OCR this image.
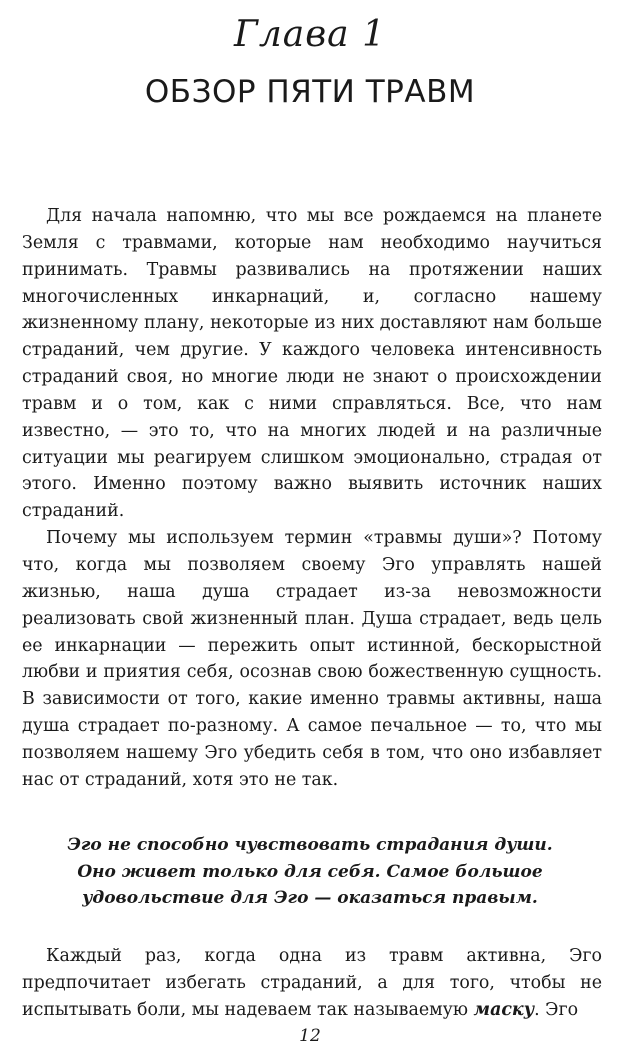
Глава 1
ОБЗОР ПЯТИ ТРАВМ

Для начала напомню, что мы все рождаемся на планете Земля с травмами, которые нам необходимо научиться принимать. Травмы развивались на протяжении наших многочисленных инкарнаций, и, согласно нашему жизненному плану, некоторые из них доставляют нам больше страданий, чем другие. У каждого человека интенсивность страданий своя, но многие люди не знают о происхождении травм и о том, как с ними справляться. Все, что нам известно, — это то, что на многих людей и на различные ситуации мы реагируем слишком эмоционально, страдая от этого. Именно поэтому важно выявить источник наших страданий.

Почему мы используем термин «травмы души»? Потому что, когда мы позволяем своему Эго управлять нашей жизнью, наша душа страдает из-за невозможности реализовать свой жизненный план. Душа страдает, ведь цель ее инкарнации — пережить опыт истинной, бескорыстной любви и приятия себя, осознав свою божественную сущность. В зависимости от того, какие именно травмы активны, наша душа страдает по-разному. А самое печальное — то, что мы позволяем нашему Эго убедить себя в том, что оно избавляет нас от страданий, хотя это не так.

Эго не способно чувствовать страдания души.
Оно живет только для себя. Самое большое
удовольствие для Эго — оказаться правым.

Каждый раз, когда одна из травм активна, Эго предпочитает избегать страданий, а для того, чтобы не испытывать боли, мы надеваем так называемую маску. Эго

12
